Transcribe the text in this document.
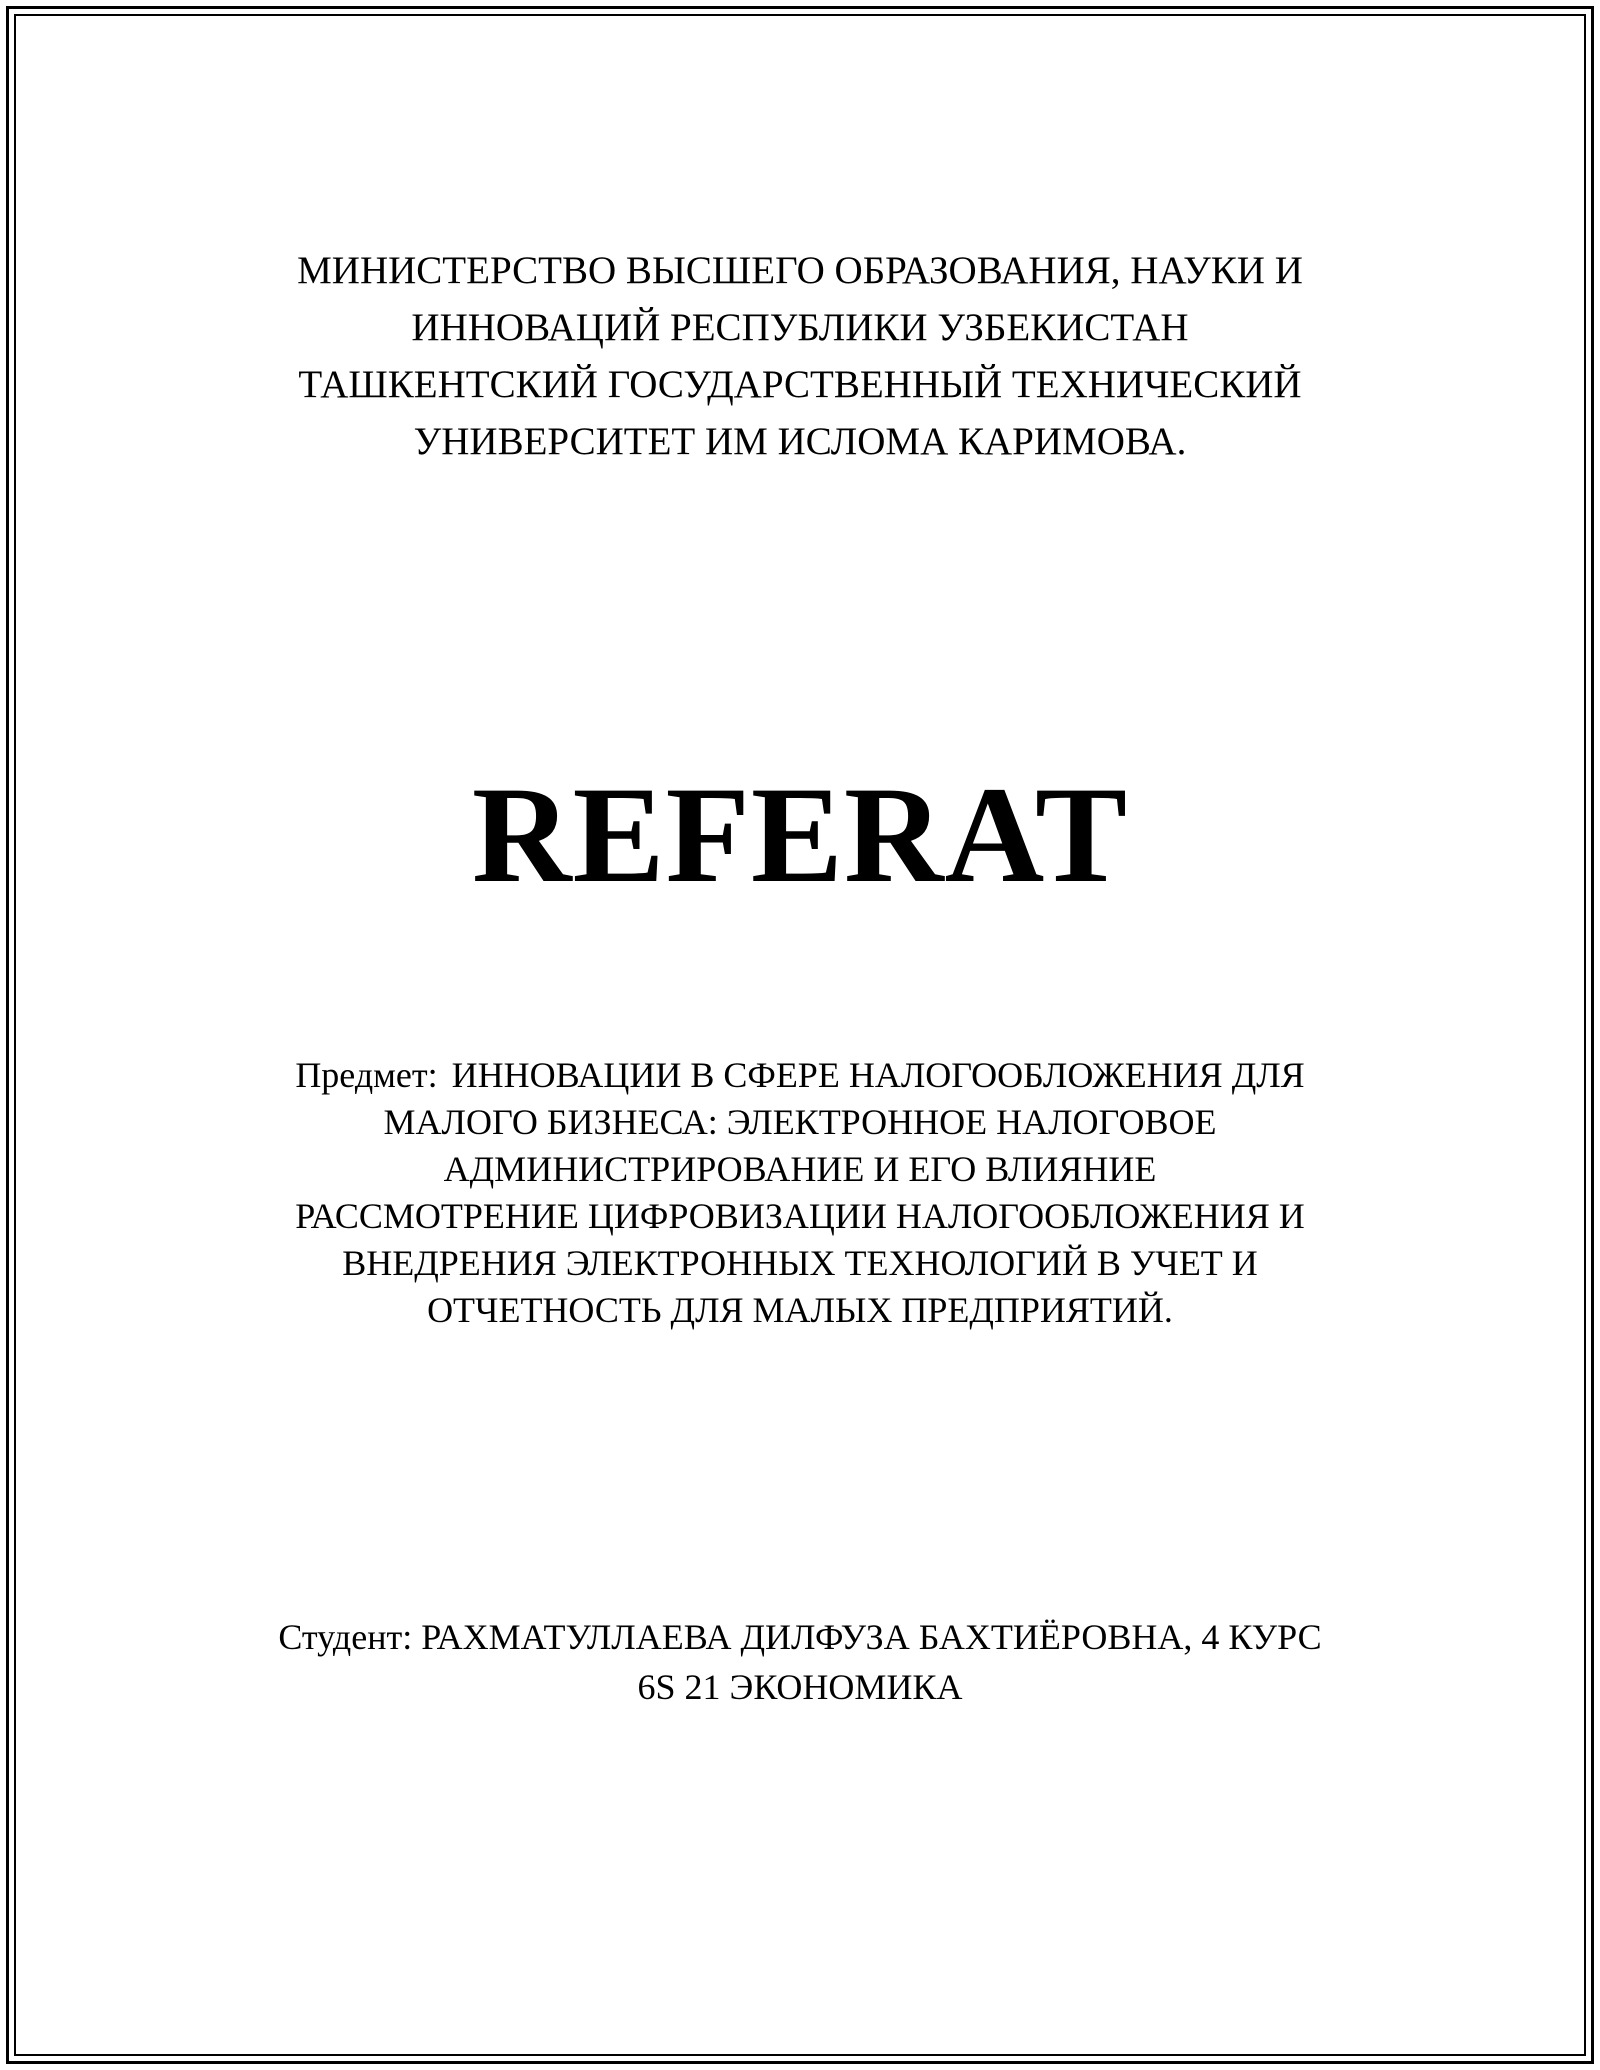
МИНИСТЕРСТВО ВЫСШЕГО ОБРАЗОВАНИЯ, НАУКИ И
ИННОВАЦИЙ РЕСПУБЛИКИ УЗБЕКИСТАН
ТАШКЕНТСКИЙ ГОСУДАРСТВЕННЫЙ ТЕХНИЧЕСКИЙ
УНИВЕРСИТЕТ ИМ ИСЛОМА КАРИМОВА.
REFERAT
Предмет: ИННОВАЦИИ В СФЕРЕ НАЛОГООБЛОЖЕНИЯ ДЛЯ
МАЛОГО БИЗНЕСА: ЭЛЕКТРОННОЕ НАЛОГОВОЕ
АДМИНИСТРИРОВАНИЕ И ЕГО ВЛИЯНИЕ
РАССМОТРЕНИЕ ЦИФРОВИЗАЦИИ НАЛОГООБЛОЖЕНИЯ И
ВНЕДРЕНИЯ ЭЛЕКТРОННЫХ ТЕХНОЛОГИЙ В УЧЕТ И
ОТЧЕТНОСТЬ ДЛЯ МАЛЫХ ПРЕДПРИЯТИЙ.
Студент: РАХМАТУЛЛАЕВА ДИЛФУЗА БАХТИЁРОВНА, 4 КУРС
6S 21 ЭКОНОМИКА
